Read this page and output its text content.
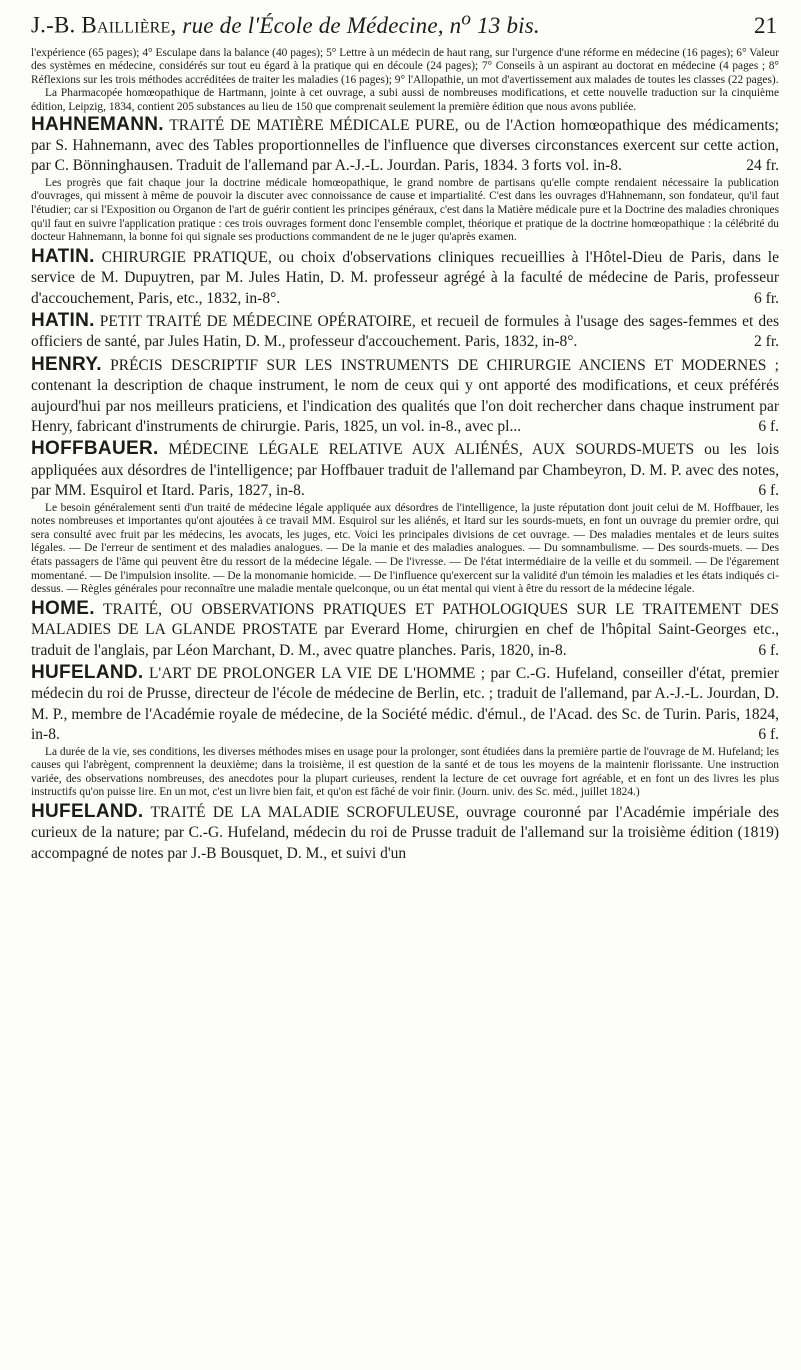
J.-B. Baillière, rue de l'École de Médecine, $n^o$ 13 bis.	21

l'expérience (65 pages); 4° Esculape dans la balance (40 pages); 5° Lettre à un médecin de haut rang, sur l'urgence d'une réforme en médecine (16 pages); 6° Valeur des systèmes en médecine, considérés sur tout eu égard à la pratique qui en découle (24 pages); 7° Conseils à un aspirant au doctorat en médecine (4 pages ; 8° Réflexions sur les trois méthodes accréditées de traiter les maladies (16 pages); 9° l'Allopathie, un mot d'avertissement aux malades de toutes les classes (22 pages).

La Pharmacopée homœopathique de Hartmann, jointe à cet ouvrage, a subi aussi de nombreuses modifications, et cette nouvelle traduction sur la cinquième édition, Leipzig, 1834, contient 205 substances au lieu de 150 que comprenait seulement la première édition que nous avons publiée.

HAHNEMANN. TRAITÉ DE MATIÈRE MÉDICALE PURE, ou de l'Action homœopathique des médicaments; par S. Hahnemann, avec des Tables proportionnelles de l'influence que diverses circonstances exercent sur cette action, par C. Bönninghausen. Traduit de l'allemand par A.-J.-L. Jourdan. Paris, 1834. 3 forts vol. in-8.	24 fr.

Les progrès que fait chaque jour la doctrine médicale homœopathique, le grand nombre de partisans qu'elle compte rendaient nécessaire la publication d'ouvrages, qui missent à même de pouvoir la discuter avec connoissance de cause et impartialité. C'est dans les ouvrages d'Hahnemann, son fondateur, qu'il faut l'étudier; car si l'Exposition ou Organon de l'art de guérir contient les principes généraux, c'est dans la Matière médicale pure et la Doctrine des maladies chroniques qu'il faut en suivre l'application pratique : ces trois ouvrages forment donc l'ensemble complet, théorique et pratique de la doctrine homœopathique : la célébrité du docteur Hahnemann, la bonne foi qui signale ses productions commandent de ne le juger qu'après examen.

HATIN. CHIRURGIE PRATIQUE, ou choix d'observations cliniques recueillies à l'Hôtel-Dieu de Paris, dans le service de M. Dupuytren, par M. Jules Hatin, D. M. professeur agrégé à la faculté de médecine de Paris, professeur d'accouchement, Paris, etc., 1832, in-8°.	6 fr.

HATIN. PETIT TRAITÉ DE MÉDECINE OPÉRATOIRE, et recueil de formules à l'usage des sages-femmes et des officiers de santé, par Jules Hatin, D. M., professeur d'accouchement. Paris, 1832, in-8°.	2 fr.

HENRY. PRÉCIS DESCRIPTIF SUR LES INSTRUMENTS DE CHIRURGIE ANCIENS ET MODERNES ; contenant la description de chaque instrument, le nom de ceux qui y ont apporté des modifications, et ceux préférés aujourd'hui par nos meilleurs praticiens, et l'indication des qualités que l'on doit rechercher dans chaque instrument par Henry, fabricant d'instruments de chirurgie. Paris, 1825, un vol. in-8., avec pl...	6 f.

HOFFBAUER. MÉDECINE LÉGALE RELATIVE AUX ALIÉNÉS, AUX SOURDS-MUETS ou les lois appliquées aux désordres de l'intelligence; par Hoffbauer traduit de l'allemand par Chambeyron, D. M. P. avec des notes, par MM. Esquirol et Itard. Paris, 1827, in-8.	6 f.

Le besoin généralement senti d'un traité de médecine légale appliquée aux désordres de l'intelligence, la juste réputation dont jouit celui de M. Hoffbauer, les notes nombreuses et importantes qu'ont ajoutées à ce travail MM. Esquirol sur les aliénés, et Itard sur les sourds-muets, en font un ouvrage du premier ordre, qui sera consulté avec fruit par les médecins, les avocats, les juges, etc. Voici les principales divisions de cet ouvrage. — Des maladies mentales et de leurs suites légales. — De l'erreur de sentiment et des maladies analogues. — De la manie et des maladies analogues. — Du somnambulisme. — Des sourds-muets. — Des états passagers de l'âme qui peuvent être du ressort de la médecine légale. — De l'ivresse. — De l'état intermédiaire de la veille et du sommeil. — De l'égarement momentané. — De l'impulsion insolite. — De la monomanie homicide. — De l'influence qu'exercent sur la validité d'un témoin les maladies et les états indiqués ci-dessus. — Règles générales pour reconnaître une maladie mentale quelconque, ou un état mental qui vient à être du ressort de la médecine légale.

HOME. TRAITÉ, OU OBSERVATIONS PRATIQUES ET PATHOLOGIQUES SUR LE TRAITEMENT DES MALADIES DE LA GLANDE PROSTATE par Everard Home, chirurgien en chef de l'hôpital Saint-Georges etc., traduit de l'anglais, par Léon Marchant, D. M., avec quatre planches. Paris, 1820, in-8.	6 f.

HUFELAND. L'ART DE PROLONGER LA VIE DE L'HOMME ; par C.-G. Hufeland, conseiller d'état, premier médecin du roi de Prusse, directeur de l'école de médecine de Berlin, etc. ; traduit de l'allemand, par A.-J.-L. Jourdan, D. M. P., membre de l'Académie royale de médecine, de la Société médic. d'émul., de l'Acad. des Sc. de Turin. Paris, 1824, in-8.	6 f.

La durée de la vie, ses conditions, les diverses méthodes mises en usage pour la prolonger, sont étudiées dans la première partie de l'ouvrage de M. Hufeland; les causes qui l'abrègent, comprennent la deuxième; dans la troisième, il est question de la santé et de tous les moyens de la maintenir florissante. Une instruction variée, des observations nombreuses, des anecdotes pour la plupart curieuses, rendent la lecture de cet ouvrage fort agréable, et en font un des livres les plus instructifs qu'on puisse lire. En un mot, c'est un livre bien fait, et qu'on est fâché de voir finir. (Journ. univ. des Sc. méd., juillet 1824.)

HUFELAND. TRAITÉ DE LA MALADIE SCROFULEUSE, ouvrage couronné par l'Académie impériale des curieux de la nature; par C.-G. Hufeland, médecin du roi de Prusse traduit de l'allemand sur la troisième édition (1819) accompagné de notes par J.-B Bousquet, D. M., et suivi d'un
